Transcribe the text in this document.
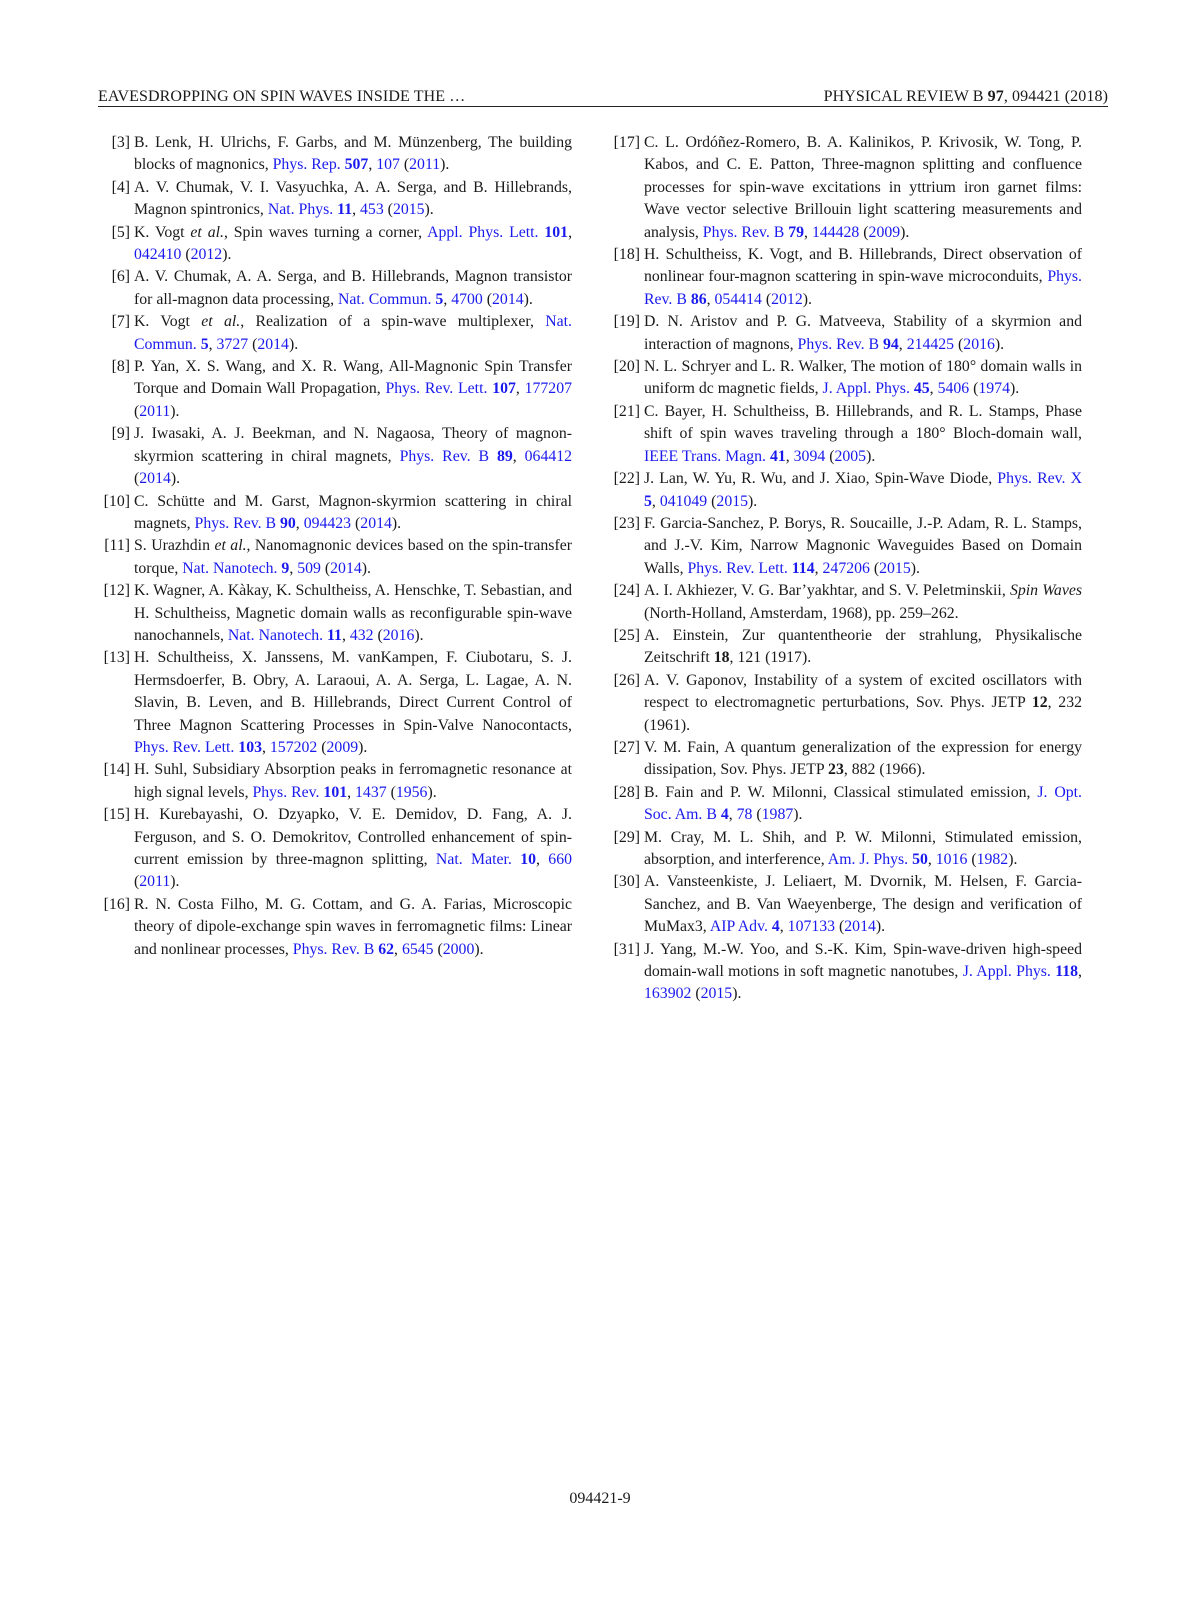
EAVESDROPPING ON SPIN WAVES INSIDE THE …	PHYSICAL REVIEW B 97, 094421 (2018)
[3] B. Lenk, H. Ulrichs, F. Garbs, and M. Münzenberg, The building blocks of magnonics, Phys. Rep. 507, 107 (2011).
[4] A. V. Chumak, V. I. Vasyuchka, A. A. Serga, and B. Hillebrands, Magnon spintronics, Nat. Phys. 11, 453 (2015).
[5] K. Vogt et al., Spin waves turning a corner, Appl. Phys. Lett. 101, 042410 (2012).
[6] A. V. Chumak, A. A. Serga, and B. Hillebrands, Magnon transistor for all-magnon data processing, Nat. Commun. 5, 4700 (2014).
[7] K. Vogt et al., Realization of a spin-wave multiplexer, Nat. Commun. 5, 3727 (2014).
[8] P. Yan, X. S. Wang, and X. R. Wang, All-Magnonic Spin Transfer Torque and Domain Wall Propagation, Phys. Rev. Lett. 107, 177207 (2011).
[9] J. Iwasaki, A. J. Beekman, and N. Nagaosa, Theory of magnon-skyrmion scattering in chiral magnets, Phys. Rev. B 89, 064412 (2014).
[10] C. Schütte and M. Garst, Magnon-skyrmion scattering in chiral magnets, Phys. Rev. B 90, 094423 (2014).
[11] S. Urazhdin et al., Nanomagnonic devices based on the spin-transfer torque, Nat. Nanotech. 9, 509 (2014).
[12] K. Wagner, A. Kàkay, K. Schultheiss, A. Henschke, T. Sebastian, and H. Schultheiss, Magnetic domain walls as reconfigurable spin-wave nanochannels, Nat. Nanotech. 11, 432 (2016).
[13] H. Schultheiss, X. Janssens, M. vanKampen, F. Ciubotaru, S. J. Hermsdoerfer, B. Obry, A. Laraoui, A. A. Serga, L. Lagae, A. N. Slavin, B. Leven, and B. Hillebrands, Direct Current Control of Three Magnon Scattering Processes in Spin-Valve Nanocontacts, Phys. Rev. Lett. 103, 157202 (2009).
[14] H. Suhl, Subsidiary Absorption peaks in ferromagnetic resonance at high signal levels, Phys. Rev. 101, 1437 (1956).
[15] H. Kurebayashi, O. Dzyapko, V. E. Demidov, D. Fang, A. J. Ferguson, and S. O. Demokritov, Controlled enhancement of spin-current emission by three-magnon splitting, Nat. Mater. 10, 660 (2011).
[16] R. N. Costa Filho, M. G. Cottam, and G. A. Farias, Microscopic theory of dipole-exchange spin waves in ferromagnetic films: Linear and nonlinear processes, Phys. Rev. B 62, 6545 (2000).
[17] C. L. Ordóñez-Romero, B. A. Kalinikos, P. Krivosik, W. Tong, P. Kabos, and C. E. Patton, Three-magnon splitting and confluence processes for spin-wave excitations in yttrium iron garnet films: Wave vector selective Brillouin light scattering measurements and analysis, Phys. Rev. B 79, 144428 (2009).
[18] H. Schultheiss, K. Vogt, and B. Hillebrands, Direct observation of nonlinear four-magnon scattering in spin-wave microconduits, Phys. Rev. B 86, 054414 (2012).
[19] D. N. Aristov and P. G. Matveeva, Stability of a skyrmion and interaction of magnons, Phys. Rev. B 94, 214425 (2016).
[20] N. L. Schryer and L. R. Walker, The motion of 180° domain walls in uniform dc magnetic fields, J. Appl. Phys. 45, 5406 (1974).
[21] C. Bayer, H. Schultheiss, B. Hillebrands, and R. L. Stamps, Phase shift of spin waves traveling through a 180° Bloch-domain wall, IEEE Trans. Magn. 41, 3094 (2005).
[22] J. Lan, W. Yu, R. Wu, and J. Xiao, Spin-Wave Diode, Phys. Rev. X 5, 041049 (2015).
[23] F. Garcia-Sanchez, P. Borys, R. Soucaille, J.-P. Adam, R. L. Stamps, and J.-V. Kim, Narrow Magnonic Waveguides Based on Domain Walls, Phys. Rev. Lett. 114, 247206 (2015).
[24] A. I. Akhiezer, V. G. Bar’yakhtar, and S. V. Peletminskii, Spin Waves (North-Holland, Amsterdam, 1968), pp. 259–262.
[25] A. Einstein, Zur quantentheorie der strahlung, Physikalische Zeitschrift 18, 121 (1917).
[26] A. V. Gaponov, Instability of a system of excited oscillators with respect to electromagnetic perturbations, Sov. Phys. JETP 12, 232 (1961).
[27] V. M. Fain, A quantum generalization of the expression for energy dissipation, Sov. Phys. JETP 23, 882 (1966).
[28] B. Fain and P. W. Milonni, Classical stimulated emission, J. Opt. Soc. Am. B 4, 78 (1987).
[29] M. Cray, M. L. Shih, and P. W. Milonni, Stimulated emission, absorption, and interference, Am. J. Phys. 50, 1016 (1982).
[30] A. Vansteenkiste, J. Leliaert, M. Dvornik, M. Helsen, F. Garcia-Sanchez, and B. Van Waeyenberge, The design and verification of MuMax3, AIP Adv. 4, 107133 (2014).
[31] J. Yang, M.-W. Yoo, and S.-K. Kim, Spin-wave-driven high-speed domain-wall motions in soft magnetic nanotubes, J. Appl. Phys. 118, 163902 (2015).
094421-9
